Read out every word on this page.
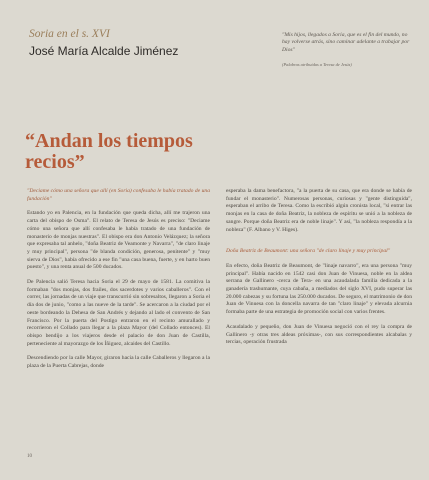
Soria en el s. XVI
José María Alcalde Jiménez

"Mis hijos, llegados a Soria, que es el fin del mundo, no hay volverse atrás, sino caminar adelante a trabajar por Dios"

(Palabras atribuidas a Teresa de Jesús)

“Andan los tiempos recios”

"Deciame cómo una señora que allí (en Soria) confesaba le había tratado de una fundación"

Estando yo en Palencia, en la fundación que queda dicha, allí me trajeron una carta del obispo de Osma". El relato de Teresa de Jesús es preciso: "Deciame cómo una señora que allí confesaba le había tratado de una fundación de monasterio de monjas nuestras". El obispo era don Antonio Velázquez; la señora que expresaba tal anhelo, "doña Beatriz de Veamonte y Navarra", "de claro linaje y muy principal", persona "de blanda condición, generosa, penitente" y "muy sierva de Dios", había ofrecido a ese fin "una casa buena, fuerte, y en harto buen puesto", y una renta anual de 500 ducados.

De Palencia salió Teresa hacia Soria el 29 de mayo de 1581. La comitiva la formaban "dos monjas, dos frailes, dos sacerdotes y varios caballeros". Con el correr, las jornadas de un viaje que transcurrió sin sobresaltos, llegaron a Soria el día dos de junio, "como a las nueve de la tarde". Se acercaron a la ciudad por el oeste bordeando la Dehesa de San Andrés y dejando al lado el convento de San Francisco. Por la puerta del Postigo entraron en el recinto amurallado y recorrieron el Collado para llegar a la plaza Mayor (del Collado entonces). El obispo bendijo a los viajeros desde el palacio de don Juan de Castilla, perteneciente al mayorazgo de los Íñiguez, alcaides del Castillo.

Descendiendo por la calle Mayor, giraron hacia la calle Caballeros y llegaron a la plaza de la Puerta Cabrejas, donde

esperaba la dama benefactora, "a la puerta de su casa, que era donde se había de fundar el monasterio". Numerosas personas, curiosas y "gente distinguida", esperaban el arribo de Teresa. Como la escribió algún cronista local, "si entrar las monjas en la casa de doña Beatriz, la nobleza de espíritu se unió a la nobleza de sangre. Porque doña Beatriz era de noble linaje". Y así, "la nobleza respondía a la nobleza" (F. Albano y V. Higes).

Doña Beatriz de Beaumont: una señora "de claro linaje y muy principal"

En efecto, doña Beatriz de Beaumont, de "linaje navarro", era una persona "muy principal". Había nacido en 1542 casi don Juan de Vinuesa, noble en la aldea serrana de Gallinero -cerca de Tera- en una acaudalada familia dedicada a la ganadería trashumante, cuya cabaña, a mediados del siglo XVI, pudo superar las 20.000 cabezas y su fortuna las 250.000 ducados. De seguro, el matrimonio de don Juan de Vinuesa con la doncella navarra de tan "claro linaje" y elevada alcurnia formaba parte de una estrategia de promoción social con varios frentes.

Acaudalado y pequeño, don Juan de Vinuesa negoció con el rey la compra de Gallinero -y otras tres aldeas próximas-, con sus correspondientes alcabalas y tercias, operación frustrada

10
